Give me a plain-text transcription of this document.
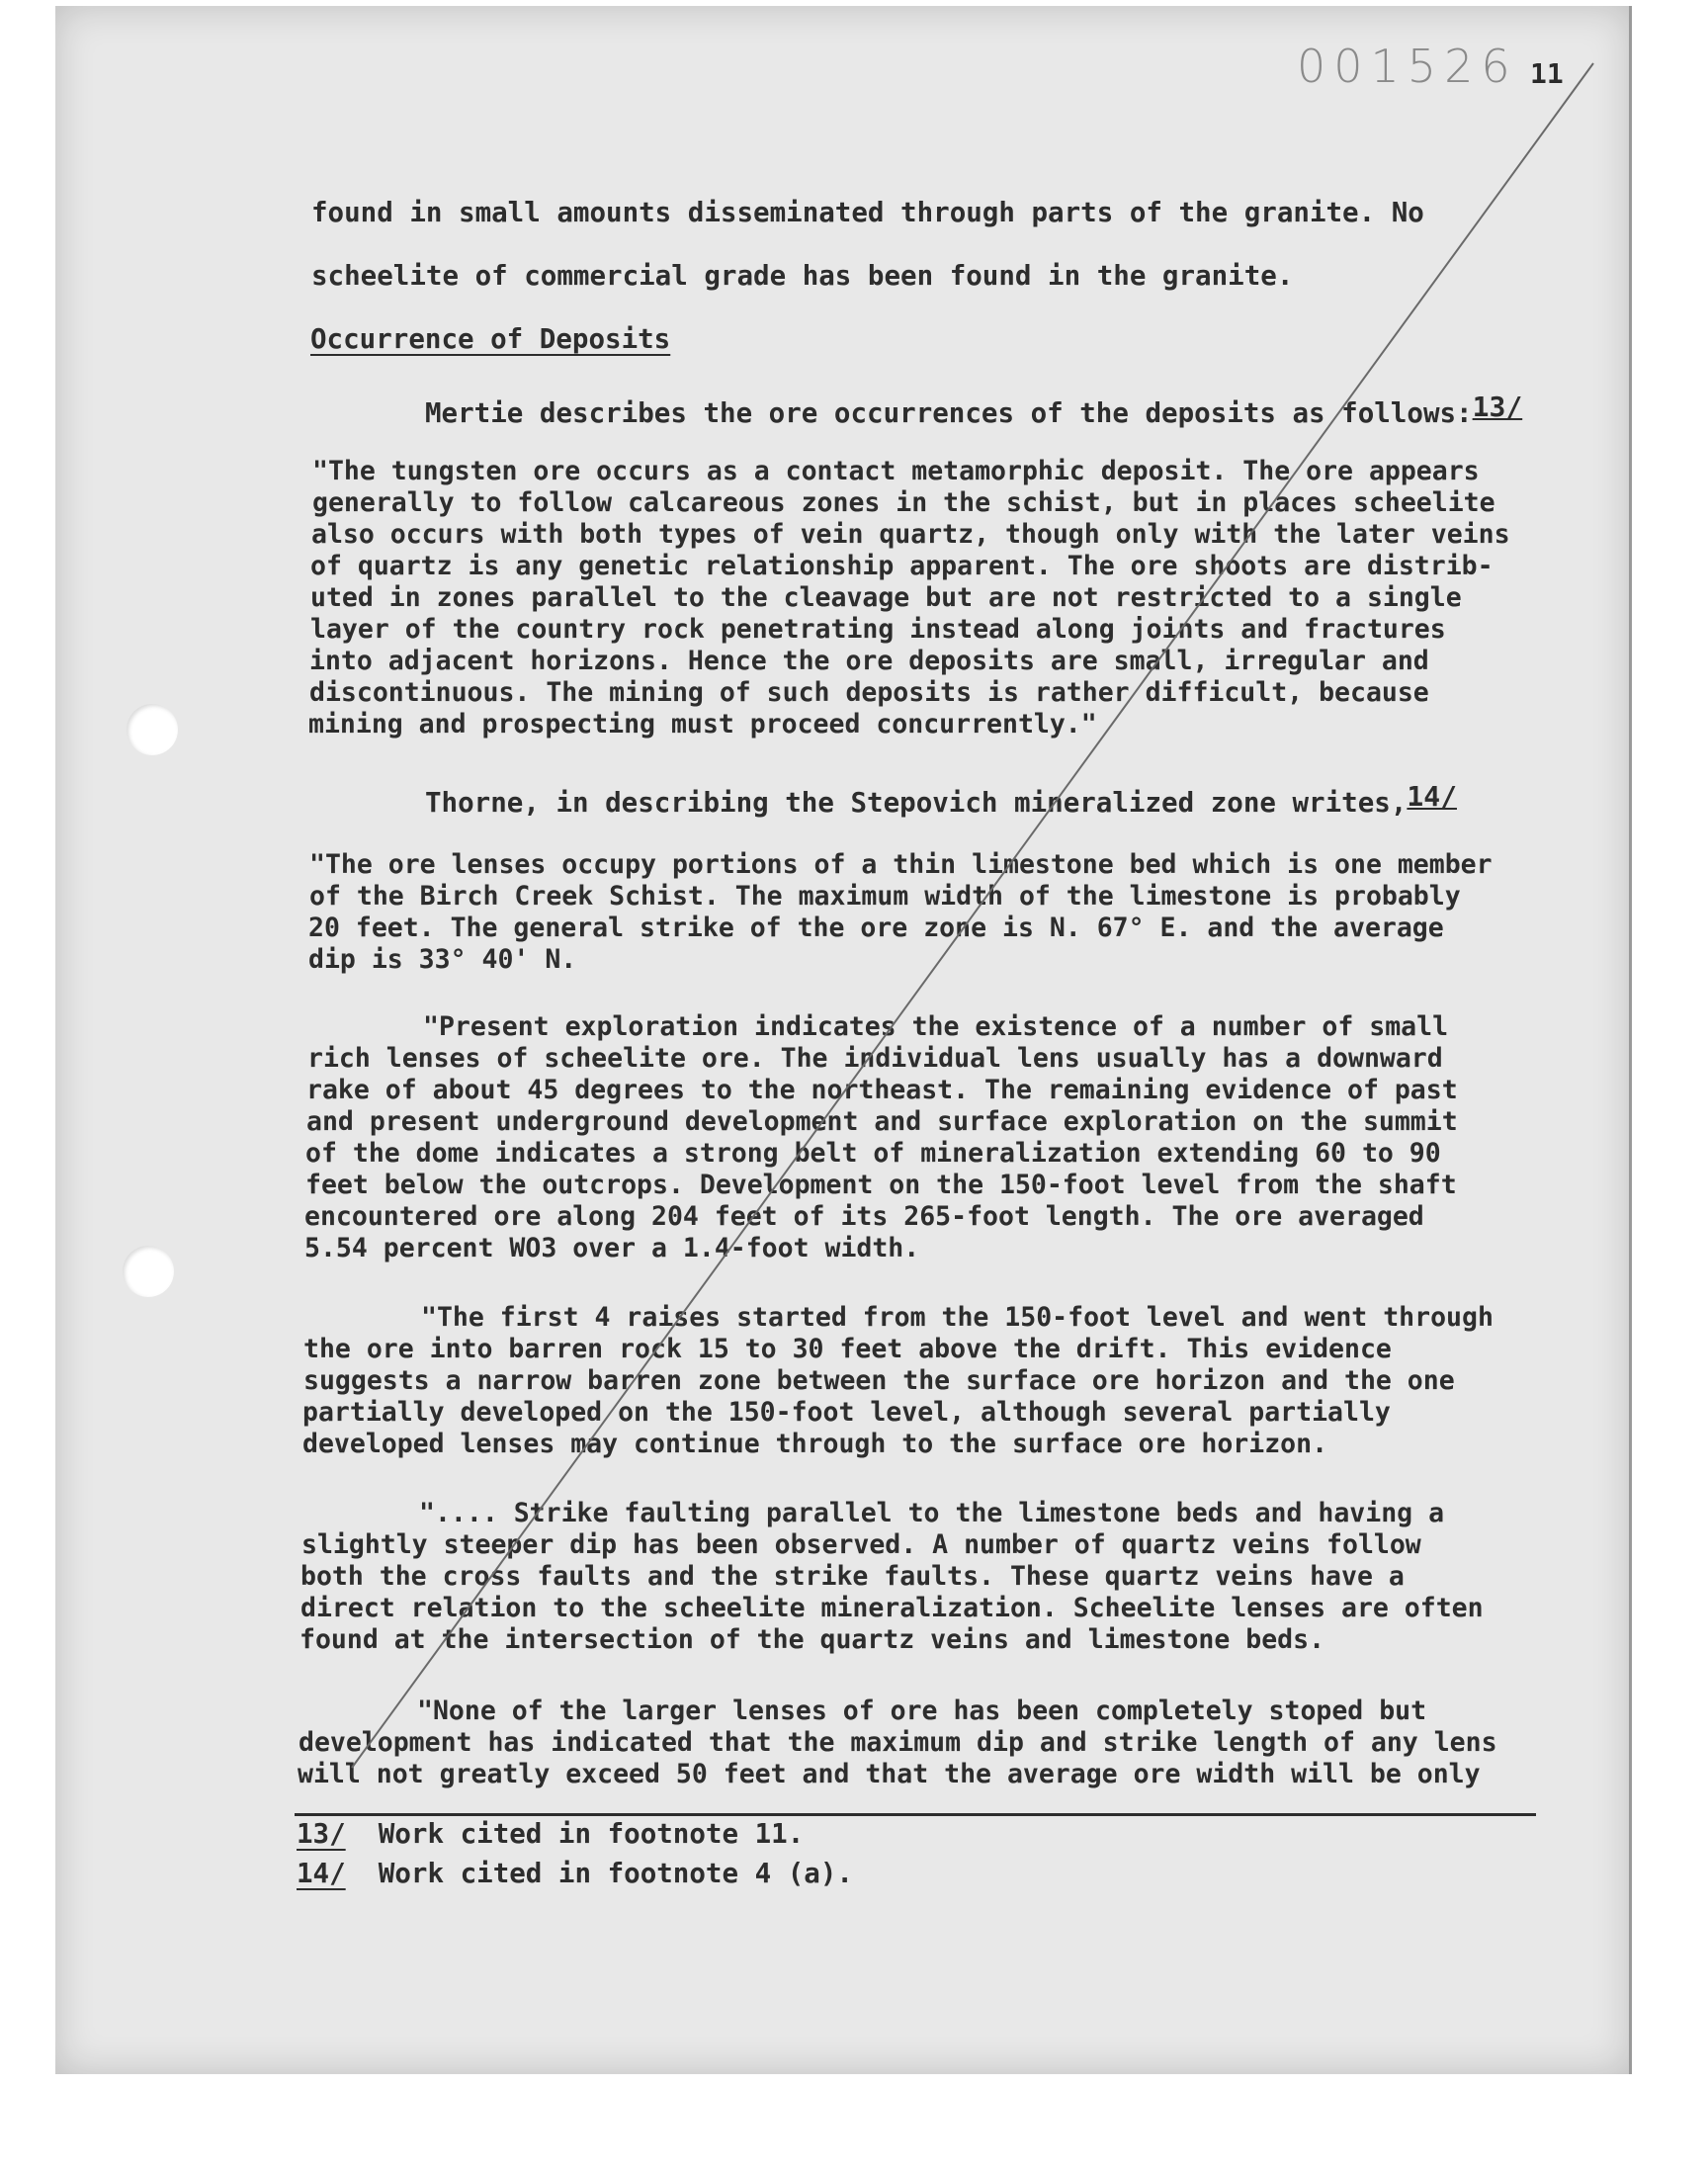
001526 11
found in small amounts disseminated through parts of the granite. No
scheelite of commercial grade has been found in the granite.
Occurrence of Deposits
Mertie describes the ore occurrences of the deposits as follows:13/
"The tungsten ore occurs as a contact metamorphic deposit. The ore appears
generally to follow calcareous zones in the schist, but in places scheelite
also occurs with both types of vein quartz, though only with the later veins
of quartz is any genetic relationship apparent. The ore shoots are distrib-
uted in zones parallel to the cleavage but are not restricted to a single
layer of the country rock penetrating instead along joints and fractures
into adjacent horizons. Hence the ore deposits are small, irregular and
discontinuous. The mining of such deposits is rather difficult, because
mining and prospecting must proceed concurrently."
Thorne, in describing the Stepovich mineralized zone writes,14/
"The ore lenses occupy portions of a thin limestone bed which is one member
of the Birch Creek Schist. The maximum width of the limestone is probably
20 feet. The general strike of the ore zone is N. 67° E. and the average
dip is 33° 40' N.
"Present exploration indicates the existence of a number of small
rich lenses of scheelite ore. The individual lens usually has a downward
rake of about 45 degrees to the northeast. The remaining evidence of past
and present underground development and surface exploration on the summit
of the dome indicates a strong belt of mineralization extending 60 to 90
feet below the outcrops. Development on the 150-foot level from the shaft
encountered ore along 204 feet of its 265-foot length. The ore averaged
5.54 percent WO3 over a 1.4-foot width.
"The first 4 raises started from the 150-foot level and went through
the ore into barren rock 15 to 30 feet above the drift. This evidence
suggests a narrow barren zone between the surface ore horizon and the one
partially developed on the 150-foot level, although several partially
developed lenses may continue through to the surface ore horizon.
".... Strike faulting parallel to the limestone beds and having a
slightly steeper dip has been observed. A number of quartz veins follow
both the cross faults and the strike faults. These quartz veins have a
direct relation to the scheelite mineralization. Scheelite lenses are often
found at the intersection of the quartz veins and limestone beds.
"None of the larger lenses of ore has been completely stoped but
development has indicated that the maximum dip and strike length of any lens
will not greatly exceed 50 feet and that the average ore width will be only
13/ Work cited in footnote 11.
14/ Work cited in footnote 4 (a).
